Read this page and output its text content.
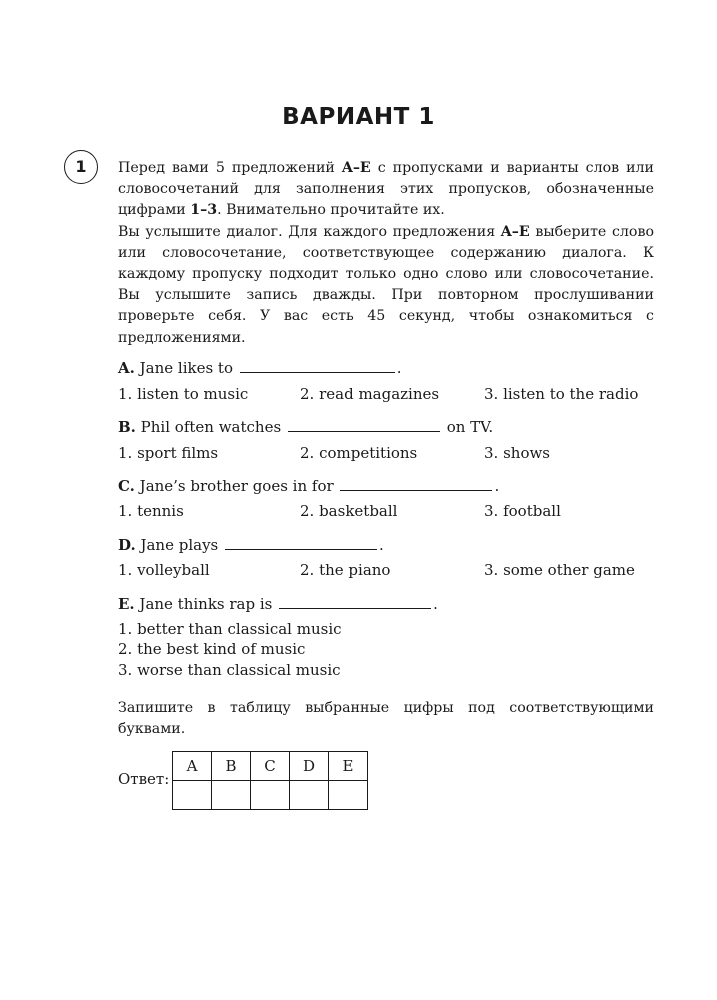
ВАРИАНТ 1
1	Перед вами 5 предложений A–E с пропусками и варианты слов или словосочетаний для заполнения этих пропусков, обозначенные цифрами 1–3. Внимательно прочитайте их.

Вы услышите диалог. Для каждого предложения A–E выберите слово или словосочетание, соответствующее содержанию диалога. К каждому пропуску подходит только одно слово или словосочетание. Вы услышите запись дважды. При повторном прослушивании проверьте себя. У вас есть 45 секунд, чтобы ознакомиться с предложениями.

A. Jane likes to	.
1. listen to music	2. read magazines	3. listen to the radio
B. Phil often watches	on TV.
1. sport films	2. competitions	3. shows
C. Jane’s brother goes in for	.
1. tennis	2. basketball	3. football
D. Jane plays	.
1. volleyball	2. the piano	3. some other game
E. Jane thinks rap is	.
1. better than classical music
2. the best kind of music
3. worse than classical music
Запишите в таблицу выбранные цифры под соответствующими буквами.
Ответ:
A	B	C	D	E
